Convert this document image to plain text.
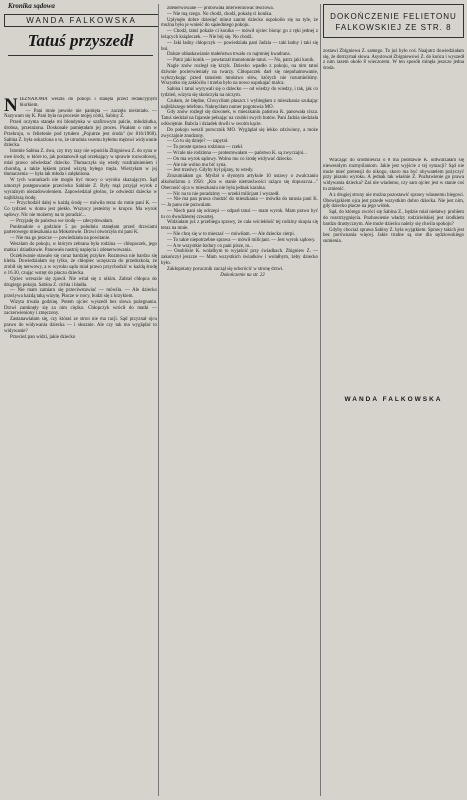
Kronika sądowa
WANDA FALKOWSKA
Tatuś przyszedł
DOKOŃCZENIE FELIETONU
FALKOWSKIEJ ZE STR. 8

zostawi Zbigniewa Z. samego. To już było coś. Naajutrz dowiedziałam się, że dotrzymał słowa. Asystował Zbigniewowi Z. do końca i wyszedł z nim razem około 8 wieczorem. W ten sposób minęła jeszcze jedna środa.

NIEZNAJOMA weszła do pokoju i stanęła przed redakcyjnym biurkiem.

— Pani mnie pewnie nie pamięta — zaczęła nieśmiało. — Nazywam się K. Pani była na procesie mojej córki, Sabiny Z.

Przed oczyma stanęła mi blondynka w szafirowym palcie, młodziutka, drobna, przerażona. Doskonale pamiętałam jej proces. Pisałam o nim w Przekroju, w felietonie pod tytułem „Pojutrze jest środa" (nr 816/1960). Sabina Z. była oskarżona o to, że utrudnia swemu byłemu mężowi widywanie dziecka.

Istotnie Sabina Z. dwa, czy trzy razy nie wpuściła Zbigniewa Z. do syna w owe środy, w które to, jak postanowił sąd orzekający w sprawie rozwodowej, miał prawo odwiedzać dziecko. Tłumaczyła się wtedy rozdrażnieniem i chorobą, a także lękiem przed wizytą byłego męża. Wierzyłam w jej tłumaczenia — była tak młoda i zalękniona.

W tych warunkach nie mogło być mowy o wyroku skazującym. Sąd umorzył postępowanie przeciwko Sabinie Z. Były mąż przyjął wyrok z wyraźnym niezadowoleniem. Zapowiedział głośno, że odwiedzi dziecko w najbliższą środę.

— Przychodził dalej w każdą środę — mówiła teraz do mnie pani K. — Co tydzień w domu jest piekło. Wszyscy jesteśmy w kropce. Ma wyrok sądowy. Nic nie możemy na to poradzić...

— Przyjadę do państwa we środę — zdecydowałam.

Punktualnie o godzinie 5 po południu stanęłam przed drzwiami parterowego mieszkania na Mokotowie. Drzwi otworzyła mi pani K.

— Nie ma go jeszcze — powiedziała na powitanie.

Weszłam do pokoju, w którym zebrana była rodzina — chłopaczek, jego matka i dziadkowie. Panowało nastrój napięcia i zdenerwowania.

Oczekiwanie stawało się coraz bardziej przykre. Rozmowa nie bardzo się kleiła. Dowiedziałam się tylko, że chłopiec uczęszcza do przedszkola, że zrobił się nerwowy, a w wyroku sądu miał prawo przychodzić w każdą środę o 16.30, czując wstręt do płaczu dziecka.

Ojciec wreszcie się zjawił. Nie witał się z nikim. Zabrał chłopca do drugiego pokoju. Sabina Z. cichła i bladła.

— Nie mam zamiaru się przeciwstawiać — mówiła. — Ale dziecko przeżywa każdą taką wizytę. Płacze w nocy, budzi się z krzykiem.

Wizyta trwała godzinę. Potem ojciec wyszedł bez słowa pożegnania. Drzwi zamknęły się za nim ciężko. Chłopczyk wrócił do matki — zaczerwieniony i zmęczony.

Zastanawiałam się, czy któraś ze stron nie ma racji. Sąd przyznał ojcu prawo do widywania dziecka — i słusznie. Ale czy tak ma wyglądać to widywanie?

Przecież pan widzi, jakie dziecko

zdenerwowane — próbowała interweniować teściowa.

— Nie mą czego. No chodź, chodź, pokażę ci konika.

Upłynęło dobre dziesięć minut zanim dziecko uspokoiło się na tyle, że można było je wnieść do sąsiedniego pokoju.

— Chodź, tatuś pokaże ci konika — mówił ojciec biorąc go z ręki jednej z leżących książeczek. — Nie bój się. No chodź.

— Jaki ładny chłopczyk — powiedziała pani Jadzia — taki ładny i taki się boi.

Dalsze obłaskawianie małeństwa trwało co najmniej kwadrans.

— Patrz jaki konik — powtarzał monotonnie tatuś. — No, patrz jaki konik.

Nagle znów rozległ się krzyk. Dziecko wpadło z pokoju, na nim tatuś dziwnie pocierwieniały na twarzy. Chłopaczek darł się niepohamowanie, wykrzykując przed tatusiem mnóstwo słów, których nie rozumieliśmy. Wszystko się zakłóciło i trzeba było na nowo uspokajać malca.

Sabina i tatuś wyrywali się o dziecko — od wiedzy do wiedzy, i tak, jak co tydzień, wizyta się skończyła na niczym.

Czułam, że błędne, Chwyciłam płaszcz i wybiegłam z mieszkania szukając najbliższego telefonu. Nakręciłam numer pogotowia MO.

Gdy znów rozległ się dzwonek, w mieszkaniu państwa K. panowała cisza. Tatuś siedział na fajansie pełzając na czubki swych butów. Pani Jadzia siedziała odświętnie. Babcia i dziadek tkwili w swoim kącie.

Do pokoju weszli porucznik MO. Wyglądał się lekko zdziwiony, a może zwyczajnie znudzony.

— Co tu się dzieje? — zapytał.

— To proste sprawa rodzinna — rzekł.

— Wcale nie rodzinna — protestowałam — państwo K. są zwyczajni...

— On ma wyrok sądowy. Wolno mu co środę widywać dziecko.

— Ale nie wolno mu bić syna.

— Jest trzeźwy. Gdyby był pijany, to wtedy.

Zrozumiałam go. Myślał o słynnym artykule 10 ustawy o zwalczaniu alkoholizmu z 1956: „Kto w stanie nietrzeźwości rażąco się dopuszcza..." Obecność ojca w mieszkaniu nie była jednak karalna.

— Nic na to nie poradzimy — orzekł milicjant i wyszedł.

— Nie ma pan prawa chodzić do mieszkania — mówiła do tatusia pani K. — Ja panu nie pozwalam.

— Niech pani się odczepi — odparł tatuś — mam wyrok. Mam prawo być tu co dwudziestej czwartej.

Widziałam już z przebiegu sprawy, że cała wściekłość tej rodziny skupia się teraz na mnie.

— Nie chcę się w to mieszać — mówiłam. — Ale dziecko cierpi.

— To takie niepotrzebne sprawa — mówił milicjant. — Jest wyrok sądowy.

— A te wszystkie bzdury co pani pisze, to...

— Osobiście K. wolałbym to wyjaśnić przy świadkach. Zbigniew Z. — zakończył jeszcze — Mam wszystkich świadków i wolałbym, żeby dziecko było.

Zakłopotany porucznik zaczął się odwrócić w stronę drzwi.

Dokończenie na str. 22

Wracając do śródmieścia o 8 ma podstawie K. odtwarzałam się niewesołym rozmyślaniom. Jakie jest wyjście z tej sytuacji? Sąd nie może mieć pretensji do nikogo, skoro ma być obywatelem pożyczyć przy pisaniu wyroku. A jednak tak właśnie Z. Pozbawienie go prawa widywania dziecka? Zaś nie wiadomo, czy sam ojciec jest w stanie coś tu zmienić.

A z drugiej strony nie można pozostawić sprawy własnemu biegowi. Obowiązkiem ojca jest przede wszystkim dobro dziecka. Nie jest nim, gdy dziecko płacze na jego widok.

Sąd, do którego zwróci się Sabina Z., będzie miał niełatwy problem do rozstrzygnięcia. Pozbawienie władzy rodzicielskiej jest środkiem bardzo drastycznym. Ale może dziecku należy się chwila spokoju?

Gdyby chociaż sprawa Sabiny Z. była wyjątkiem. Sprawy takich jest bez porównania więcej. Jakie trudne są one dla sędziowskiego sumienia.

WANDA FALKOWSKA
